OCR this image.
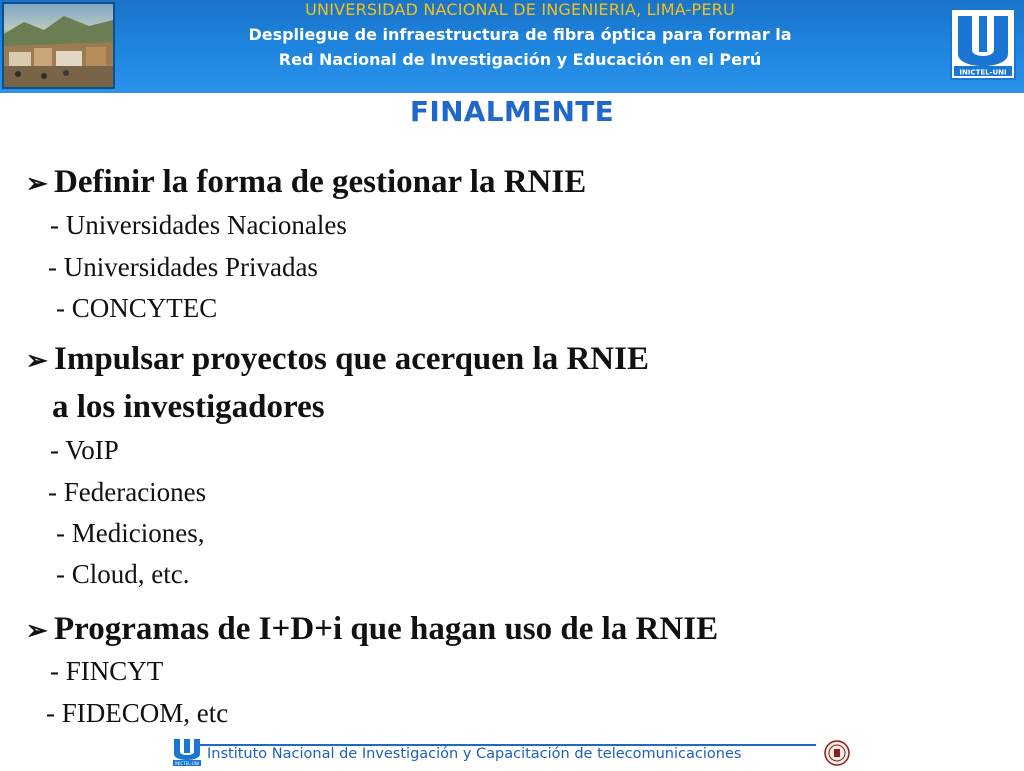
UNIVERSIDAD NACIONAL DE INGENIERIA, LIMA-PERU
Despliegue de infraestructura de fibra óptica para formar la
Red Nacional de Investigación y Educación en el Perú
INICTEL-UNI
FINALMENTE
➢ Definir la forma de gestionar la RNIE
- Universidades Nacionales
- Universidades Privadas
- CONCYTEC
➢ Impulsar proyectos que acerquen la RNIE
a los investigadores
- VoIP
- Federaciones
- Mediciones,
- Cloud, etc.
➢ Programas de I+D+i que hagan uso de la RNIE
- FINCYT
- FIDECOM, etc
INICTEL-UNI
Instituto Nacional de Investigación y Capacitación de telecomunicaciones
